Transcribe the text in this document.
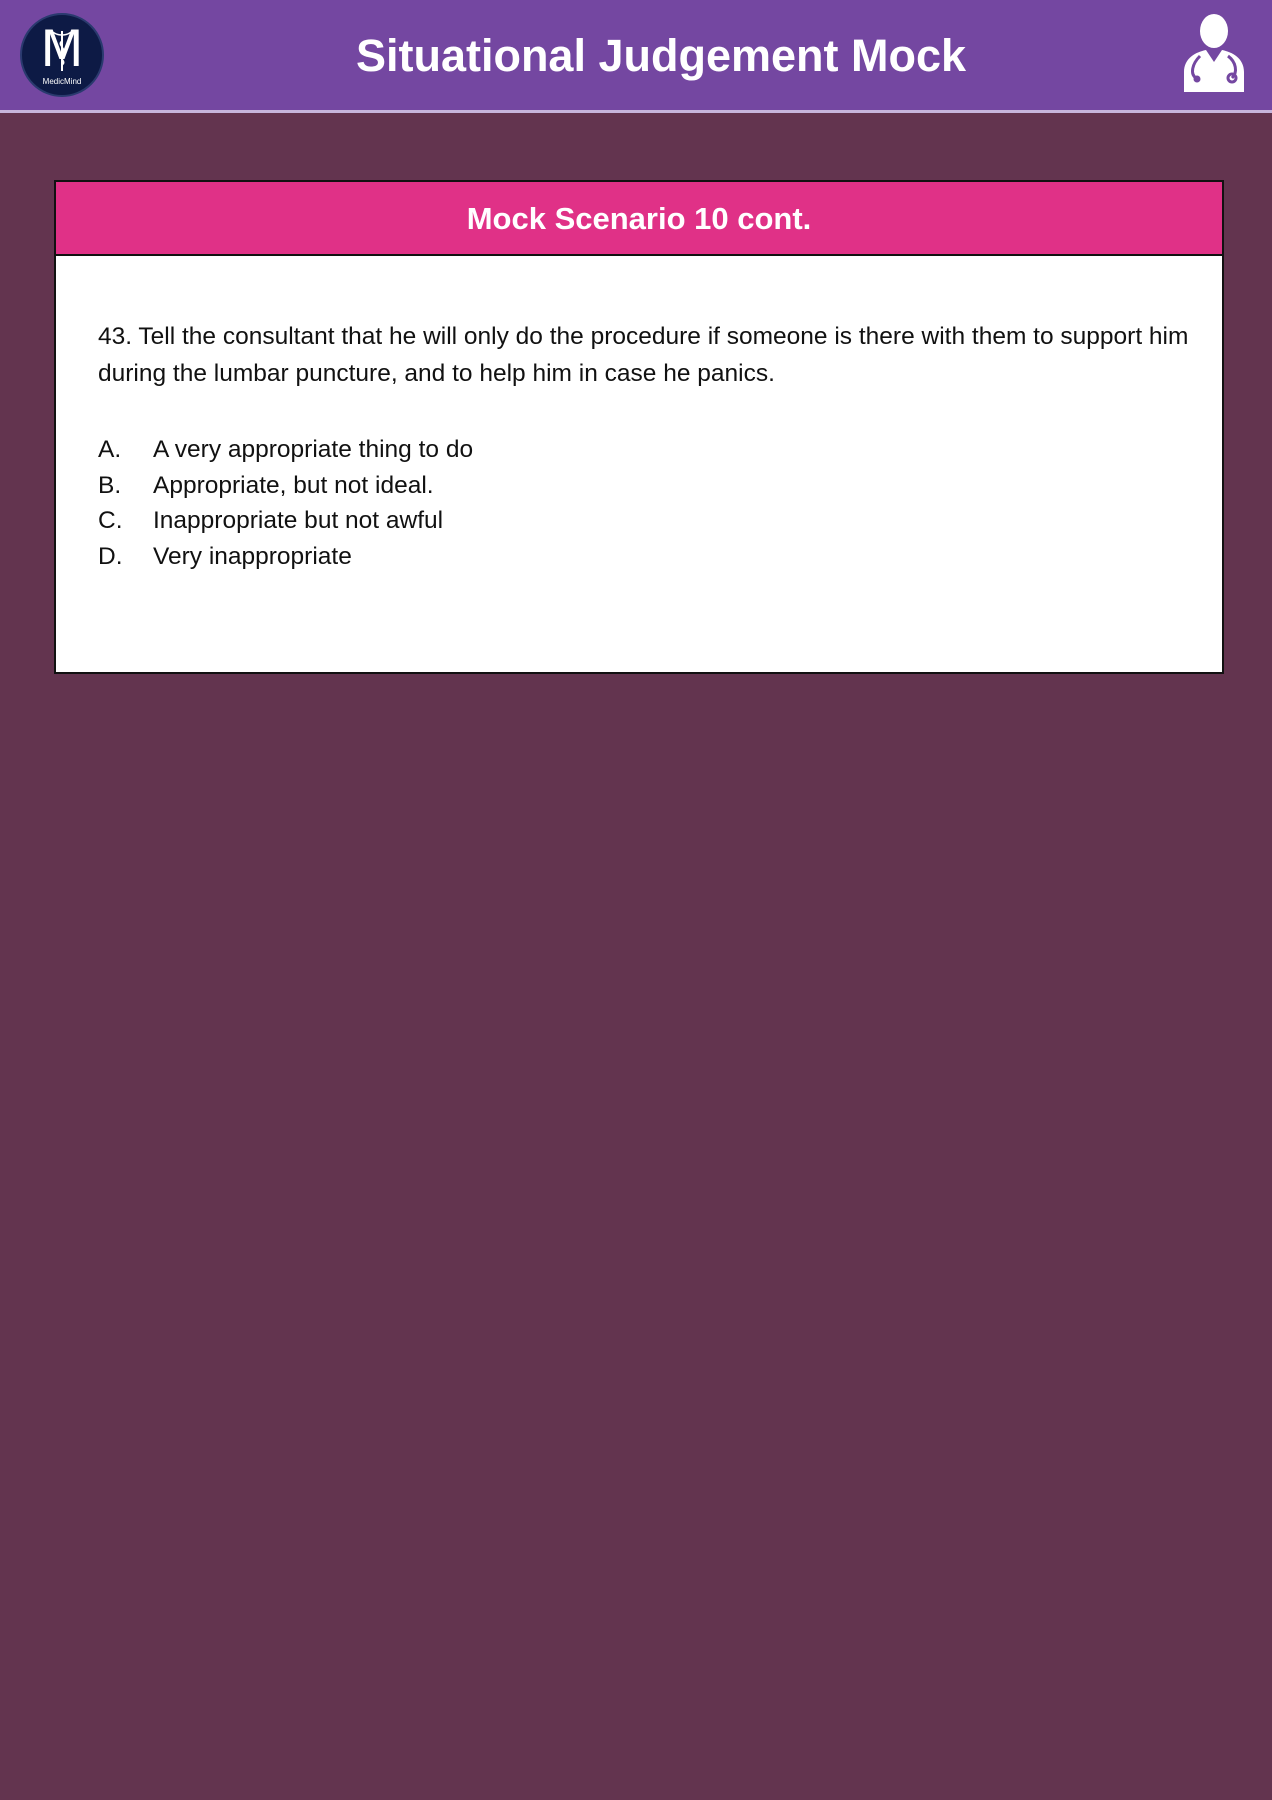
M
MedicMind
Situational Judgement Mock
Mock Scenario 10 cont.
43. Tell the consultant that he will only do the procedure if someone is there with them to support him during the lumbar puncture, and to help him in case he panics.
A.	A very appropriate thing to do
B.	Appropriate, but not ideal.
C.	Inappropriate but not awful
D.	Very inappropriate
